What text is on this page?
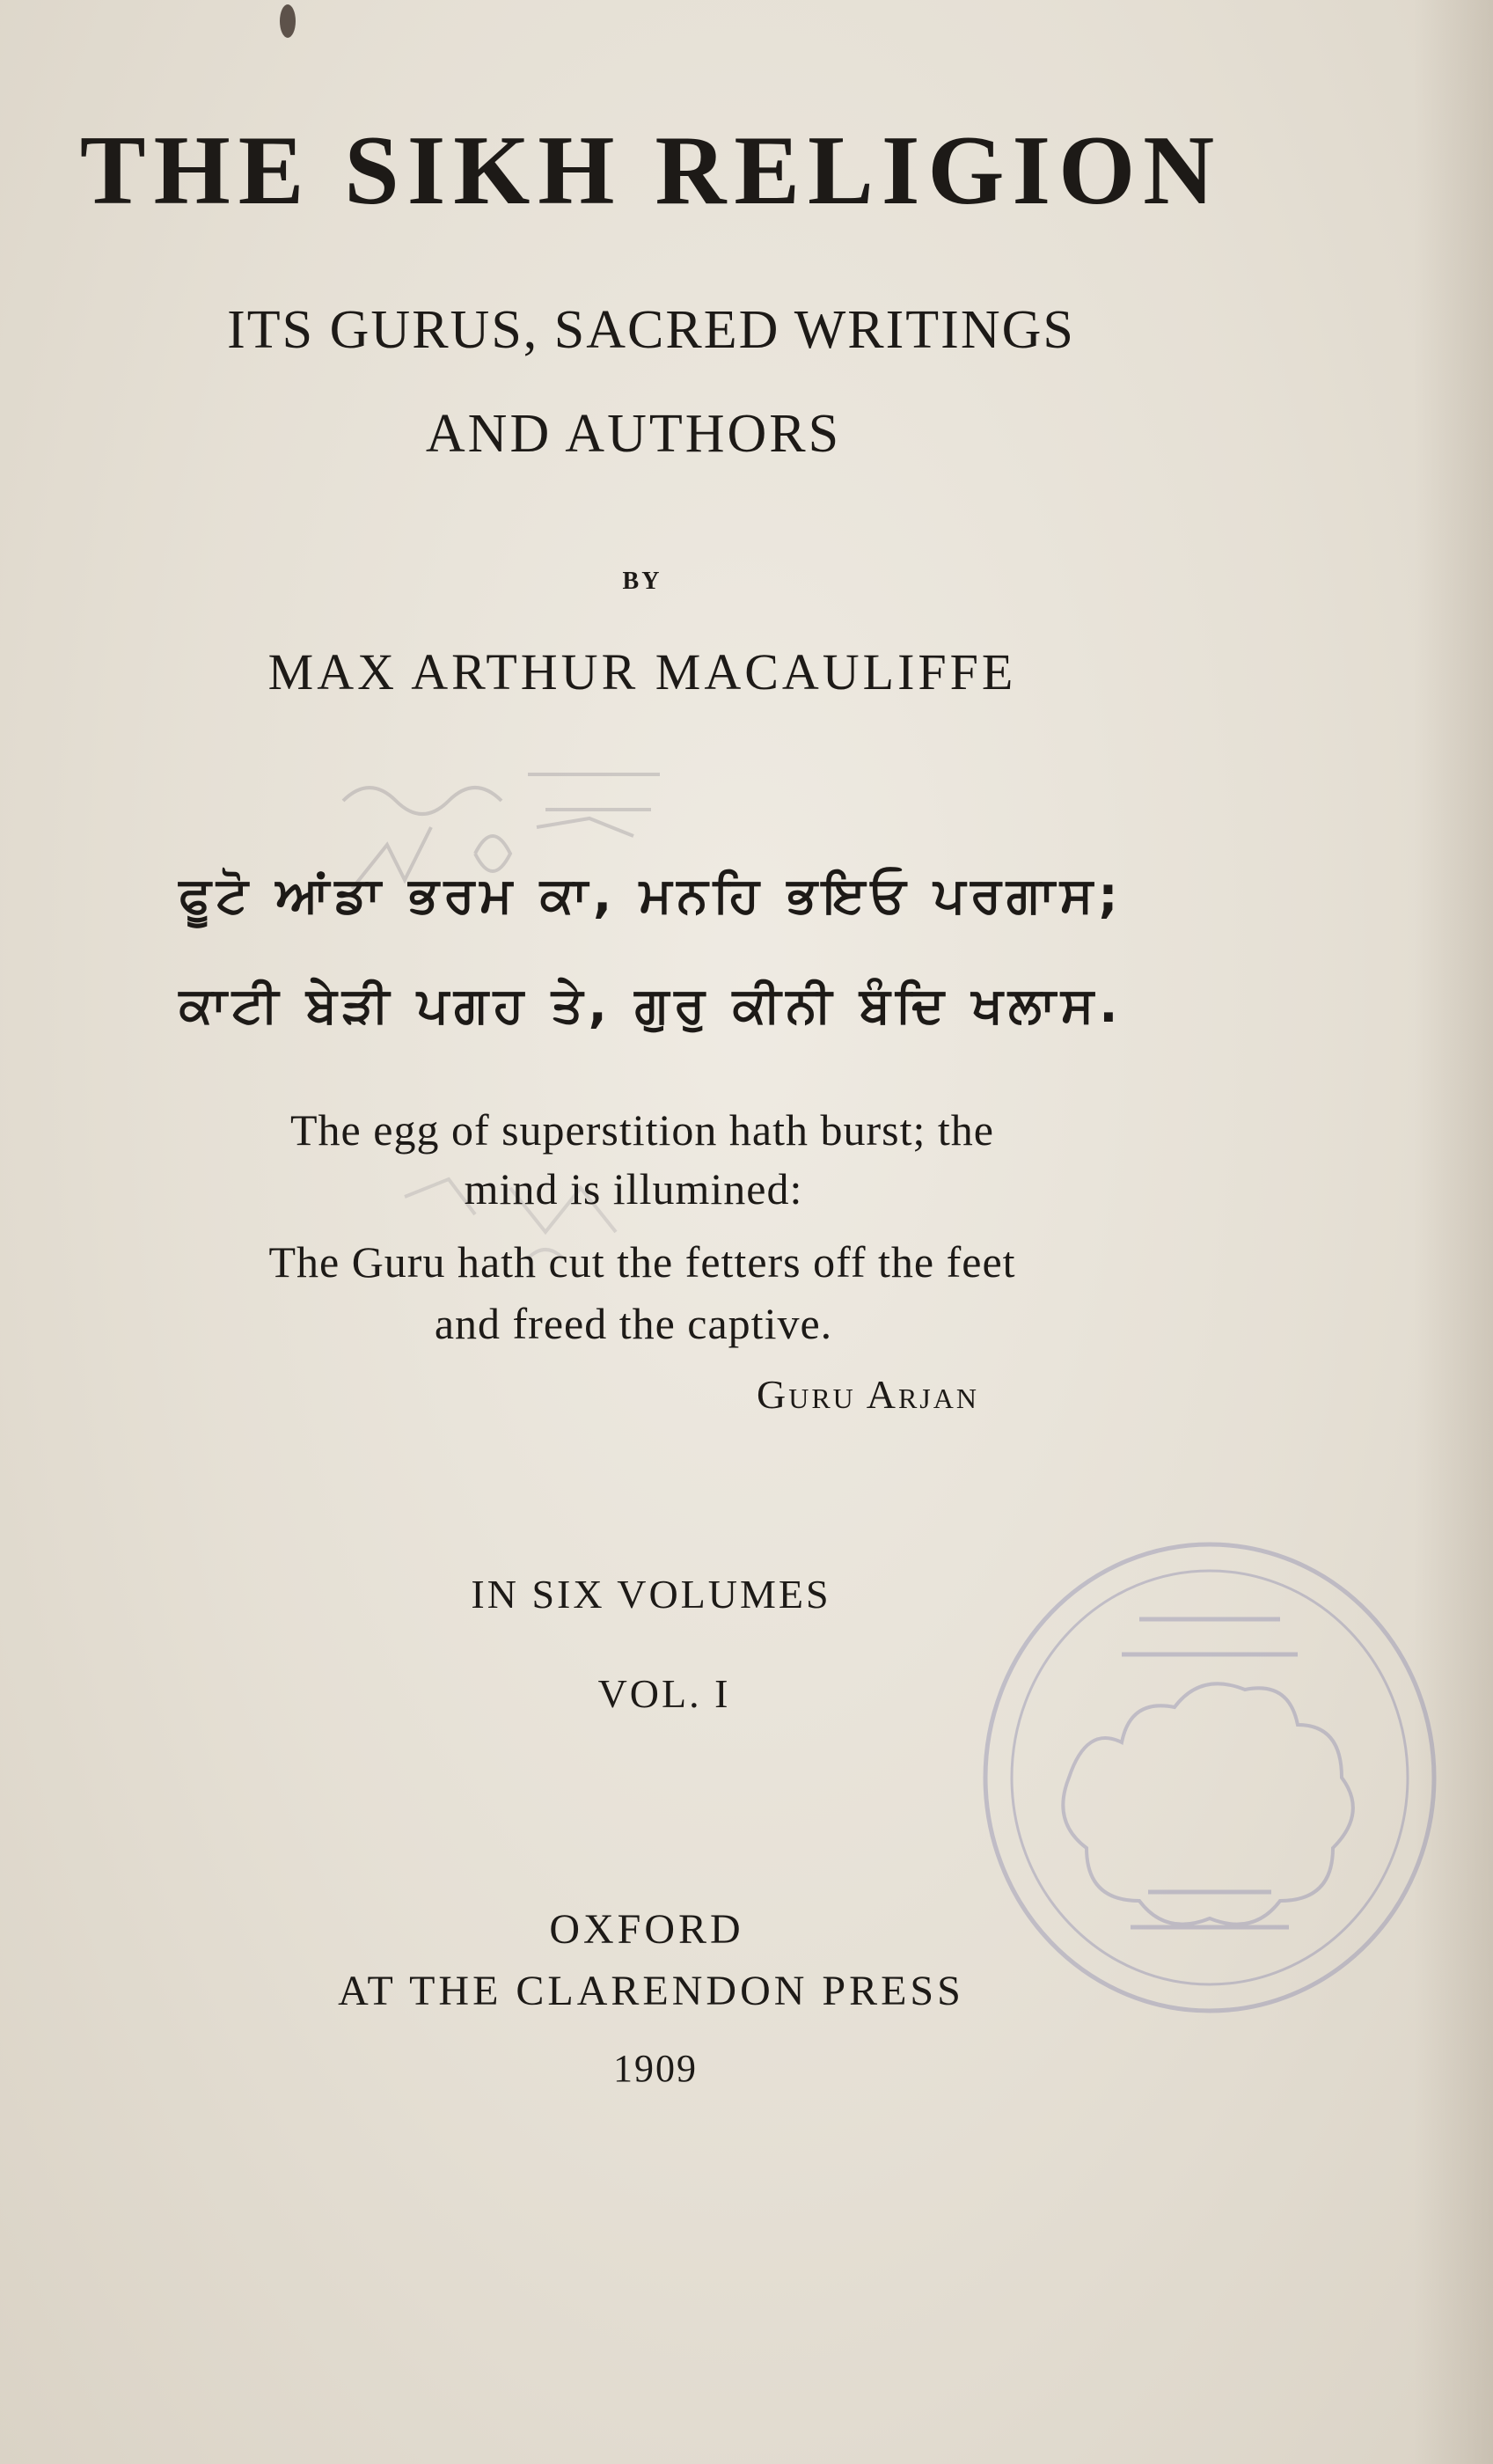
THE SIKH RELIGION
ITS GURUS, SACRED WRITINGS
AND AUTHORS
BY
MAX ARTHUR MACAULIFFE
ਫੂਟੋ ਆਂਡਾ ਭਰਮ ਕਾ, ਮਨਹਿ ਭਇਓ ਪਰਗਾਸ;
ਕਾਟੀ ਬੇੜੀ ਪਗਹ ਤੇ, ਗੁਰੁ ਕੀਨੀ ਬੰਦਿ ਖਲਾਸ.
The egg of superstition hath burst; the
mind is illumined:
The Guru hath cut the fetters off the feet
and freed the captive.
Guru Arjan
IN SIX VOLUMES
VOL. I
OXFORD
AT THE CLARENDON PRESS
1909
